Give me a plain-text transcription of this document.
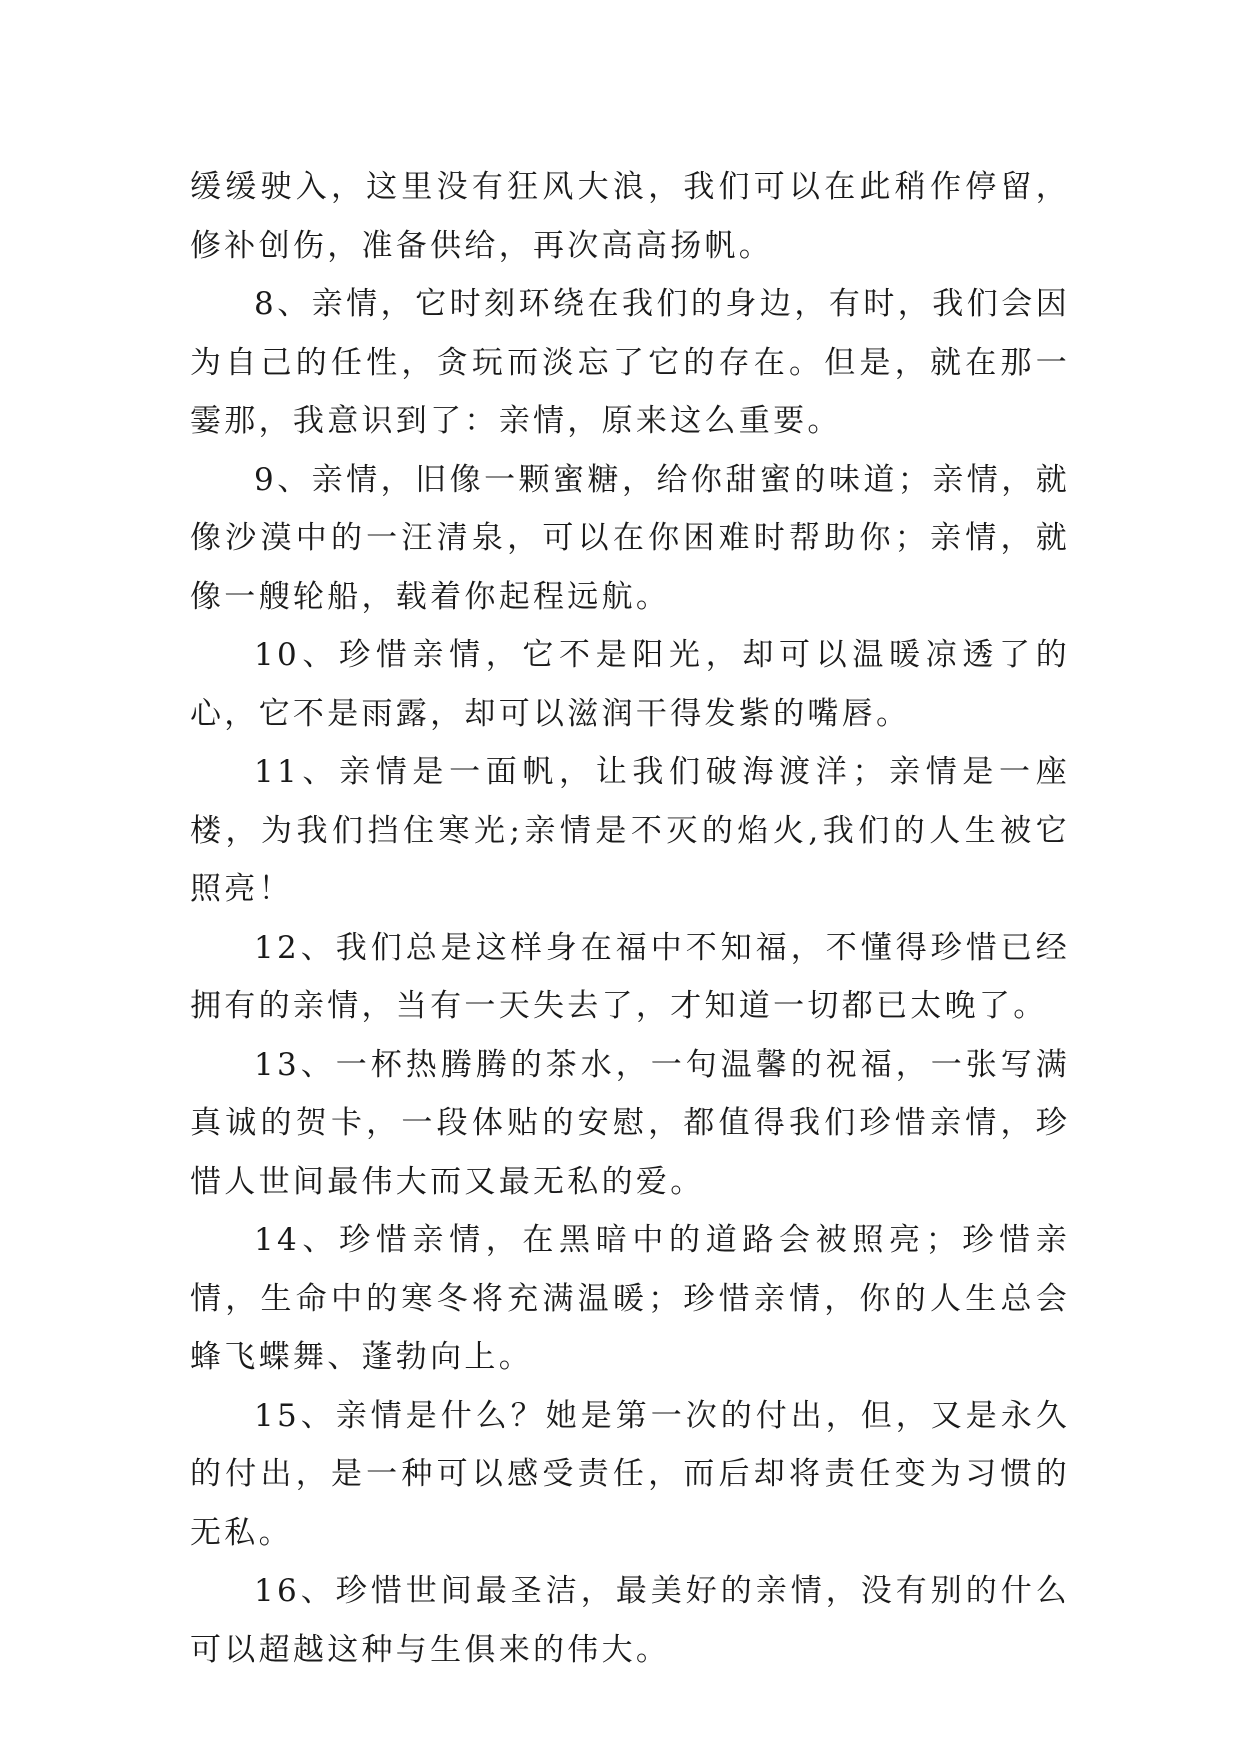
缓缓驶入，这里没有狂风大浪，我们可以在此稍作停留，修补创伤，准备供给，再次高高扬帆。

8、亲情，它时刻环绕在我们的身边，有时，我们会因为自己的任性，贪玩而淡忘了它的存在。但是，就在那一霎那，我意识到了：亲情，原来这么重要。

9、亲情，旧像一颗蜜糖，给你甜蜜的味道；亲情，就像沙漠中的一汪清泉，可以在你困难时帮助你；亲情，就像一艘轮船，载着你起程远航。

10、珍惜亲情，它不是阳光，却可以温暖凉透了的心，它不是雨露，却可以滋润干得发紫的嘴唇。

11、亲情是一面帆，让我们破海渡洋；亲情是一座楼，为我们挡住寒光;亲情是不灭的焰火,我们的人生被它照亮！

12、我们总是这样身在福中不知福，不懂得珍惜已经拥有的亲情，当有一天失去了，才知道一切都已太晚了。

13、一杯热腾腾的茶水，一句温馨的祝福，一张写满真诚的贺卡，一段体贴的安慰，都值得我们珍惜亲情，珍惜人世间最伟大而又最无私的爱。

14、珍惜亲情，在黑暗中的道路会被照亮；珍惜亲情，生命中的寒冬将充满温暖；珍惜亲情，你的人生总会蜂飞蝶舞、蓬勃向上。

15、亲情是什么？她是第一次的付出，但，又是永久的付出，是一种可以感受责任，而后却将责任变为习惯的无私。

16、珍惜世间最圣洁，最美好的亲情，没有别的什么可以超越这种与生俱来的伟大。
